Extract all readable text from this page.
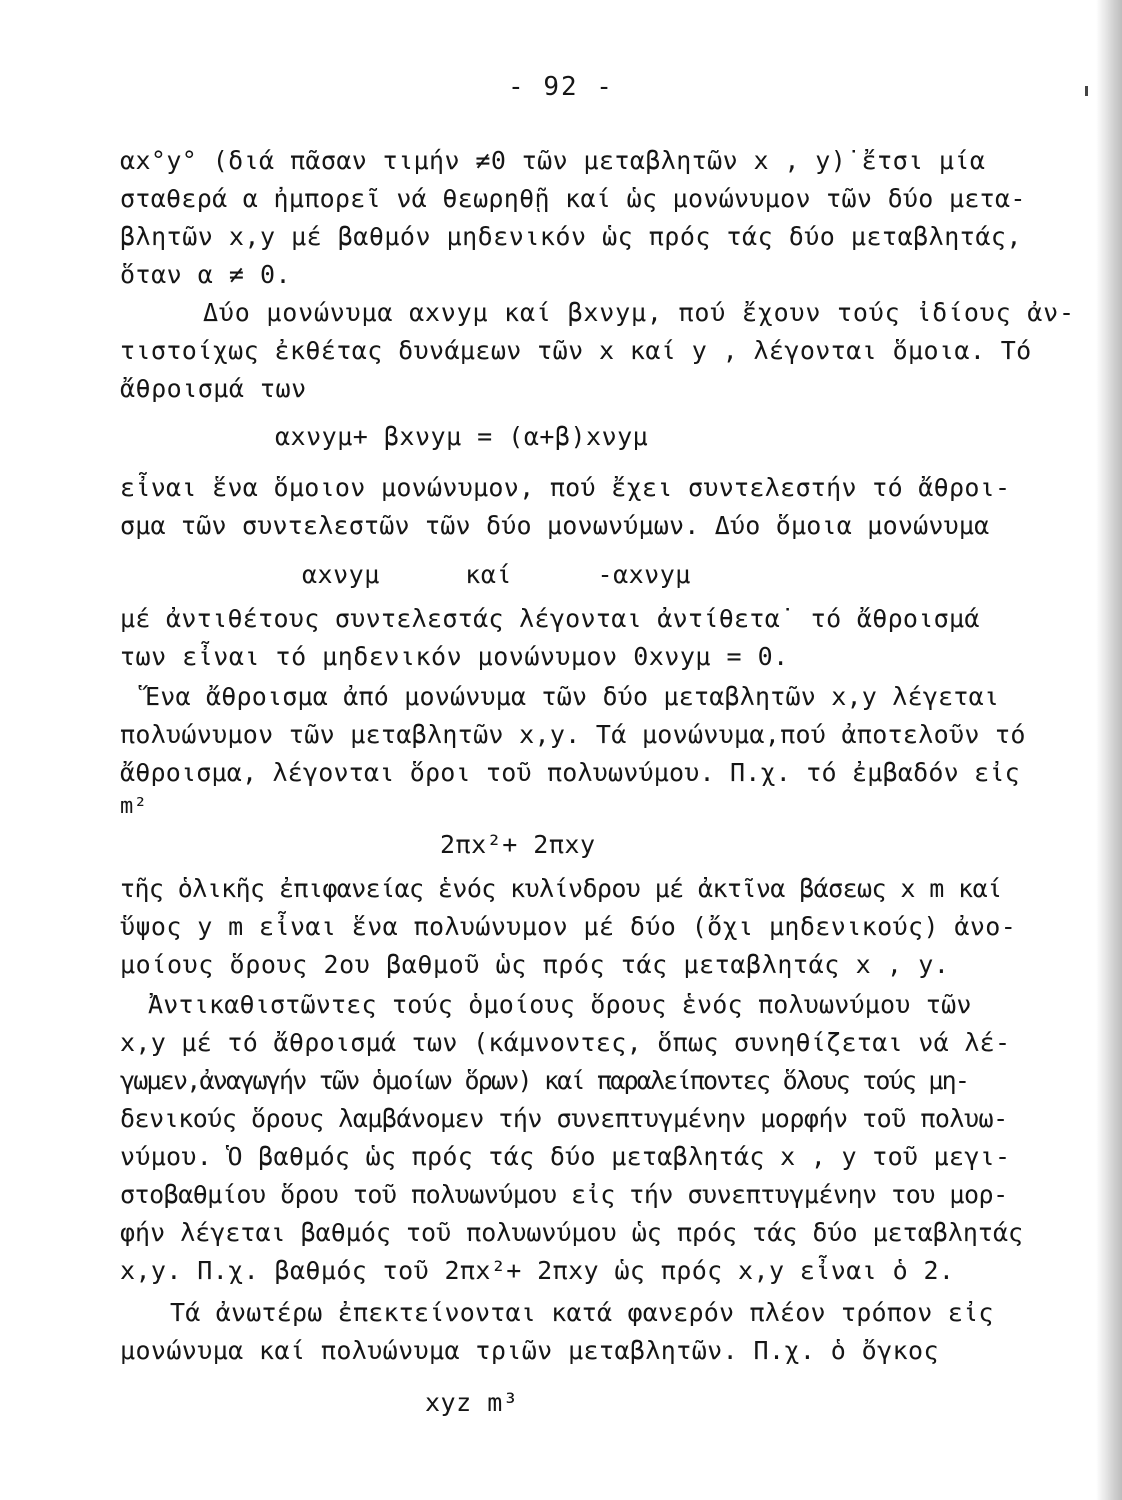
- 92 -
αx°y° (διά πᾶσαν τιμήν ≠0 τῶν μεταβλητῶν x , y)˙ἔτσι μία
σταθερά α ἠμπορεῖ νά θεωρηθῇ καί ὡς μονώνυμον τῶν δύο μετα-
βλητῶν x,y μέ βαθμόν μηδενικόν ὡς πρός τάς δύο μεταβλητάς,
ὅταν α ≠ 0.
Δύο μονώνυμα αxνyμ καί βxνyμ, πού ἔχουν τούς ἰδίους ἀν-
τιστοίχως ἐκθέτας δυνάμεων τῶν x καί y , λέγονται ὅμοια. Τό
ἄθροισμά των
αxνyμ+ βxνyμ = (α+β)xνyμ
εἶναι ἕνα ὅμοιον μονώνυμον, πού ἔχει συντελεστήν τό ἄθροι-
σμα τῶν συντελεστῶν τῶν δύο μονωνύμων. Δύο ὅμοια μονώνυμα
αxνyμ καί -αxνyμ
μέ ἀντιθέτους συντελεστάς λέγονται ἀντίθετα˙ τό ἄθροισμά
των εἶναι τό μηδενικόν μονώνυμον 0xνyμ = 0.
Ἕνα ἄθροισμα ἀπό μονώνυμα τῶν δύο μεταβλητῶν x,y λέγεται
πολυώνυμον τῶν μεταβλητῶν x,y. Τά μονώνυμα,πού ἀποτελοῦν τό
ἄθροισμα, λέγονται ὅροι τοῦ πολυωνύμου. Π.χ. τό ἐμβαδόν εἰς
m²
2πx²+ 2πxy
τῆς ὁλικῆς ἐπιφανείας ἑνός κυλίνδρου μέ ἀκτῖνα βάσεως x m καί
ὕψος y m εἶναι ἕνα πολυώνυμον μέ δύο (ὄχι μηδενικούς) ἀνο-
μοίους ὅρους 2ου βαθμοῦ ὡς πρός τάς μεταβλητάς x , y.
Ἀντικαθιστῶντες τούς ὁμοίους ὅρους ἑνός πολυωνύμου τῶν
x,y μέ τό ἄθροισμά των (κάμνοντες, ὅπως συνηθίζεται νά λέ-
γωμεν,ἀναγωγήν τῶν ὁμοίων ὅρων) καί παραλείποντες ὅλους τούς μη-
δενικούς ὅρους λαμβάνομεν τήν συνεπτυγμένην μορφήν τοῦ πολυω-
νύμου. Ὁ βαθμός ὡς πρός τάς δύο μεταβλητάς x , y τοῦ μεγι-
στοβαθμίου ὅρου τοῦ πολυωνύμου εἰς τήν συνεπτυγμένην του μορ-
φήν λέγεται βαθμός τοῦ πολυωνύμου ὡς πρός τάς δύο μεταβλητάς
x,y. Π.χ. βαθμός τοῦ 2πx²+ 2πxy ὡς πρός x,y εἶναι ὁ 2.
Τά ἀνωτέρω ἐπεκτείνονται κατά φανερόν πλέον τρόπον εἰς
μονώνυμα καί πολυώνυμα τριῶν μεταβλητῶν. Π.χ. ὁ ὄγκος
xyz m³
